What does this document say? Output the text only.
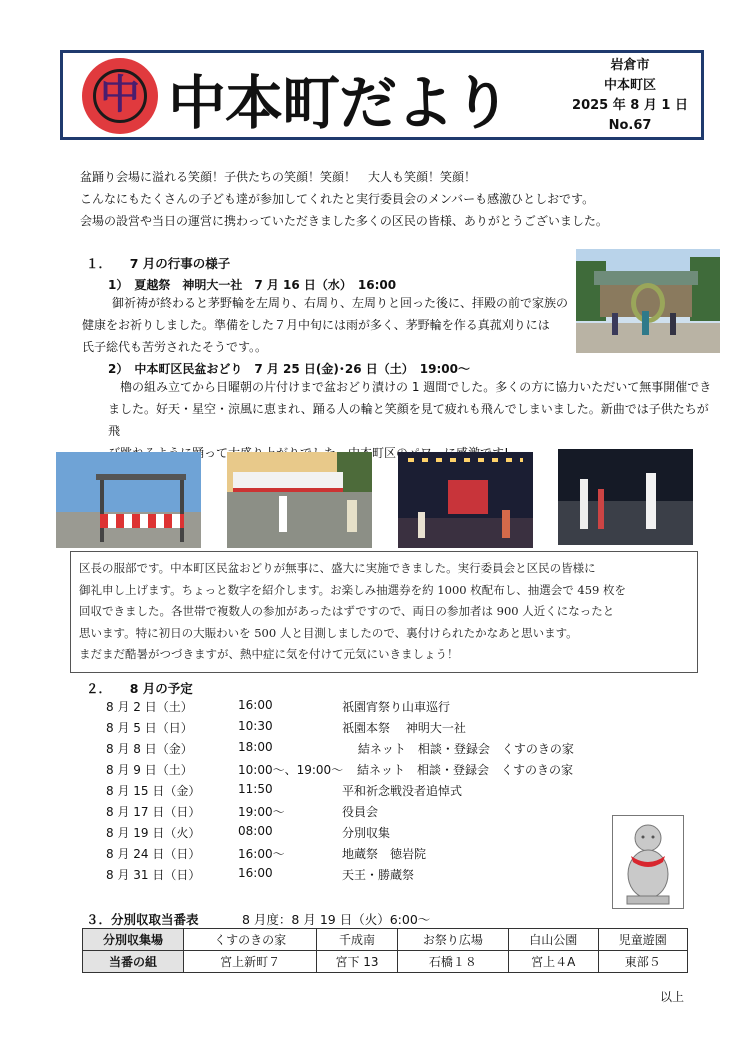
中 中本町だより
岩倉市
中本町区
2025 年 8 月 1 日
No.67
盆踊り会場に溢れる笑顔！子供たちの笑顔！笑顔！　大人も笑顔！笑顔！
こんなにもたくさんの子ども達が参加してくれたと実行委員会のメンバーも感激ひとしおです。
会場の設営や当日の運営に携わっていただきました多くの区民の皆様、ありがとうございました。
１．　　7 月の行事の様子
1）　夏越祭　神明大一社　7 月 16 日（水）　16:00
御祈祷が終わると茅野輪を左周り、右周り、左周りと回った後に、拝殿の前で家族の
健康をお祈りしました。準備をした７月中旬には雨が多く、茅野輪を作る真菰刈りには
氏子総代も苦労されたそうです。。
2）　中本町区民盆おどり　7 月 25 日(金)･26 日（土）　19:00～
櫓の組み立てから日曜朝の片付けまで盆おどり漬けの 1 週間でした。多くの方に協力いただいて無事開催でき
ました。好天・星空・涼風に恵まれ、踊る人の輪と笑顔を見て疲れも飛んでしまいました。新曲では子供たちが飛
区長の服部です。中本町区民盆おどりが無事に、盛大に実施できました。実行委員会と区民の皆様に
御礼申し上げます。ちょっと数字を紹介します。お楽しみ抽選券を約 1000 枚配布し、抽選会で 459 枚を
回収できました。各世帯で複数人の参加があったはずですので、両日の参加者は 900 人近くになったと
思います。特に初日の大賑わいを 500 人と目測しましたので、裏付けられたかなあと思います。
まだまだ酷暑がつづきますが、熱中症に気を付けて元気にいきましょう！
２．　　8 月の予定
8 月 2 日（土）	16:00	祇園宵祭り山車巡行
8 月 5 日（日）	10:30	祇園本祭　 神明大一社
8 月 8 日（金）	18:00	　 結ネット　相談・登録会　くすのきの家
8 月 9 日（土）	10:00～、19:00～	結ネット　相談・登録会　くすのきの家
8 月 15 日（金）	11:50	平和祈念戦没者追悼式
8 月 17 日（日）	19:00～	役員会
8 月 19 日（火）	08:00	分別収集
8 月 24 日（日）	16:00～	地蔵祭　徳岩院
8 月 31 日（日）	16:00	天王・勝蔵祭
３．分別収取当番表	8 月度：8 月 19 日（火）6:00～
分別収集場	くすのきの家	千成南	お祭り広場	白山公園	児童遊園
当番の組	宮上新町７	宮下 13	石橋１８	宮上４A	東部５
以上
